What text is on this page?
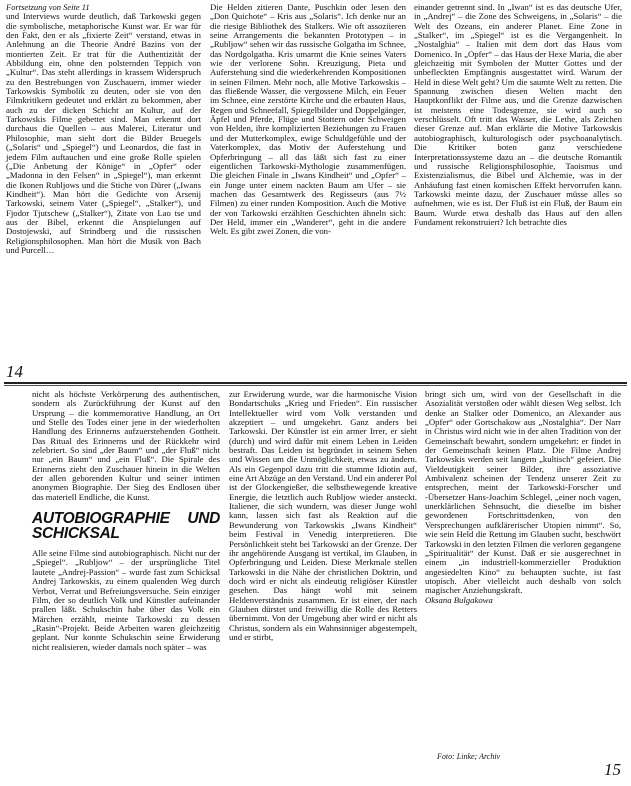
Fortsetzung von Seite 11

und Interviews wurde deutlich, daß Tarkowski gegen die symbolische, metaphorische Kunst war. Er war für den Fakt, den er als „fixierte Zeit“ verstand, etwas in Anlehnung an die Theorie André Bazins von der montierten Zeit. Er trat für die Authentizität der Abbildung ein, ohne den polsternden Teppich von „Kultur“. Das steht allerdings in krassem Widerspruch zu den Bestrebungen von Zuschauern, immer wieder Tarkowskis Symbolik zu deuten, oder sie von den Filmkritikern gedeutet und erklärt zu bekommen, aber auch zu der dicken Schicht an Kultur, auf der Tarkowskis Filme gebettet sind. Man erkennt dort durchaus die Quellen – aus Malerei, Literatur und Philosophie, man sieht dort die Bilder Bruegels („Solaris“ und „Spiegel“) und Leonardos, die fast in jedem Film auftauchen und eine große Rolle spielen („Die Anbetung der Könige“ in „Opfer“ oder „Madonna in den Felsen“ in „Spiegel“), man erkennt die Ikonen Rubljows und die Stiche von Dürer („Iwans Kindheit“). Man hört die Gedichte von Arsenij Tarkowski, seinem Vater („Spiegel“, „Stalker“), und Fjodor Tjutschew („Stalker“), Zitate von Lao tse und aus der Bibel, erkennt die Anspielungen auf Dostojewski, auf Strindberg und die russischen Religionsphilosophen. Man hört die Musik von Bach und Purcell…

Die Helden zitieren Dante, Puschkin oder lesen den „Don Quichote“ – Kris aus „Solaris“. Ich denke nur an die riesige Bibliothek des Stalkers. Wie oft assoziieren seine Arrangements die bekannten Prototypen – in „Rubljow“ sehen wir das russische Golgatha im Schnee, das Nordgolgatha. Kris umarmt die Knie seines Vaters wie der verlorene Sohn. Kreuzigung, Pieta und Auferstehung sind die wiederkehrenden Kompositionen in seinen Filmen. Mehr noch, alle Motive Tarkowskis – das fließende Wasser, die vergossene Milch, ein Feuer im Schnee, eine zerstörte Kirche und die erbauten Haus, Regen und Schneefall, Spiegelbilder und Doppelgänger, Äpfel und Pferde, Flüge und Stottern oder Schweigen von Helden, ihre komplizierten Beziehungen zu Frauen und der Mutterkomplex, ewige Schuldgefühle und der Vaterkomplex, das Motiv der Auferstehung und Opferbringung – all das läßt sich fast zu einer eigentlichen Tarkowski-Mythologie zusammenfügen. Die gleichen Finale in „Iwans Kindheit“ und „Opfer“ – ein Junge unter einem nackten Baum am Ufer – sie machen das Gesamtwerk des Regisseurs (aus 7½ Filmen) zu einer runden Komposition. Auch die Motive der von Tarkowski erzählten Geschichten ähneln sich: Der Held, immer ein „Wanderer“, geht in die andere Welt. Es gibt zwei Zonen, die von-

einander getrennt sind. In „Iwan“ ist es das deutsche Ufer, in „Andrej“ – die Zone des Schweigens, in „Solaris“ – die Welt des Ozeans, ein anderer Planet. Eine Zone in „Stalker“, im „Spiegel“ ist es die Vergangenheit. In „Nostalghia“ – Italien mit dem dort das Haus vom Domenico. In „Opfer“ – das Haus der Hexe Maria, die aber gleichzeitig mit Symbolen der Mutter Gottes und der unbefleckten Empfängnis ausgestattet wird. Warum der Held in diese Welt geht? Um die saumte Welt zu retten. Die Spannung zwischen diesen Welten macht den Hauptkonflikt der Filme aus, und die Grenze dazwischen ist meistens eine Todesgrenze, sie wird auch so verschlüsselt. Oft tritt das Wasser, die Lethe, als Zeichen dieser Grenze auf. Man erklärte die Motive Tarkowskis autobiographisch, kulturologisch oder psychoanalytisch. Die Kritiker boten ganz verschiedene Interpretationssysteme dazu an – die deutsche Romantik und russische Religionsphilosophie, Taoismus und Existenzialismus, die Bibel und Alchemie, was in der Anhäufung fast einen komischen Effekt hervorrufen kann. Tarkowski meinte dazu, der Zuschauer müsse alles so aufnehmen, wie es ist. Der Fluß ist ein Fluß, der Baum ein Baum. Wurde etwa deshalb das Haus auf den allen Fundament rekonstruiert? Ich betrachte dies

14

nicht als höchste Verkörperung des authentischen, sondern als Zurückführung der Kunst auf den Ursprung – die kommemorative Handlung, an Ort und Stelle des Todes einer jene in der wiederholten Handlung des Erinnerns aufzuerstehenden Gottheit. Das Ritual des Erinnerns und der Rückkehr wird zelebriert. So sind „der Baum“ und „der Fluß“ nicht nur „ein Baum“ und „ein Fluß“. Die Spirale des Erinnerns zieht den Zuschauer hinein in die Welten der allen geborenden Kultur und seiner intimen anonymen Biographie. Der Sieg des Endlosen über das materiell Endliche, die Kunst.

AUTOBIOGRAPHIE UND SCHICKSAL

Alle seine Filme sind autobiographisch. Nicht nur der „Spiegel“. „Rubljow“ – der ursprüngliche Titel lautete „Andrej-Passion“ – wurde fast zum Schicksal Andrej Tarkowskis, zu einem qualenden Weg durch Verbot, Verrat und Befreiungsversuche. Sein einziger Film, der so deutlich Volk und Künstler aufeinander prallen läßt. Schukschin habe über das Volk ein Märchen erzählt, meinte Tarkowski zu dessen „Rasin“-Projekt. Beide Arbeiten waren gleichzeitig geplant. Nur konnte Schukschin seine Erwiderung nicht realisieren, wieder damals noch später – was

zur Erwiderung wurde, war die harmonische Vision Bondartschuks „Krieg und Frieden“. Ein russischer Intellektueller wird vom Volk verstanden und akzeptiert – und umgekehrt. Ganz anders bei Tarkowski. Der Künstler ist ein armer Irrer, er sieht (durch) und wird dafür mit einem Leben in Leiden bestraft. Das Leiden ist begründet in seinem Sehen und Wissen um die Unmöglichkeit, etwas zu ändern. Als ein Gegenpol dazu tritt die stumme Idiotin auf, eine Art Abzüge an den Verstand. Und ein anderer Pol ist der Glockengießer, die selbstbewegende kreative Energie, die letztlich auch Rubljow wieder ansteckt. Italiener, die sich wundern, was dieser Junge wohl kann, lassen sich fast als Reaktion auf die Bewunderung von Tarkowskis „Iwans Kindheit“ beim Festival in Venedig interpretieren. Die Persönlichkeit steht bei Tarkowski an der Grenze. Der ihr angehörende Ausgang ist vertikal, im Glauben, in Opferbringung und Leiden. Diese Merkmale stellen Tarkowski in die Nähe der christlichen Doktrin, und doch wird er nicht als eindeutig religiöser Künstler gesehen. Das hängt wohl mit seinem Heldenverständnis zusammen. Er ist einer, der nach Glauben dürstet und freiwillig die Rolle des Retters übernimmt. Von der Umgebung aber wird er nicht als Christus, sondern als ein Wahnsinniger abgestempelt, und er stirbt,

bringt sich um, wird von der Gesellschaft in die Asozialität verstoßen oder wählt diesen Weg selbst. Ich denke an Stalker oder Domenico, an Alexander aus „Opfer“ oder Gortschakow aus „Nostalghia“. Der Narr in Christus wird nicht wie in der alten Tradition von der Gemeinschaft bewahrt, sondern umgekehrt: er findet in der Gemeinschaft keinen Platz. Die Filme Andrej Tarkowskis werden seit langem „kultisch“ gefeiert. Die Vieldeutigkeit seiner Bilder, ihre assoziative Ambivalenz scheinen der Tendenz unserer Zeit zu entsprechen, meint der Tarkowski-Forscher und -Übersetzer Hans-Joachim Schlegel, „einer noch vagen, unerklärlichen Sehnsucht, die dieselbe im bisher gewordenen Fortschrittsdenken, von den Versprechungen aufklärerischer Utopien nimmt“. So, wie sein Held die Rettung im Glauben sucht, beschwört Tarkowski in den letzten Filmen die verloren gegangene „Spiritualität“ der Kunst. Daß er sie ausgerechnet in einem „in industriell-kommerzieller Produktion angesiedelten Kino“ zu behaupten suchte, ist fast utopisch. Aber vielleicht auch deshalb von solch magischer Anziehungskraft.

Oksana Bulgakowa

Foto: Linke; Archiv
15
